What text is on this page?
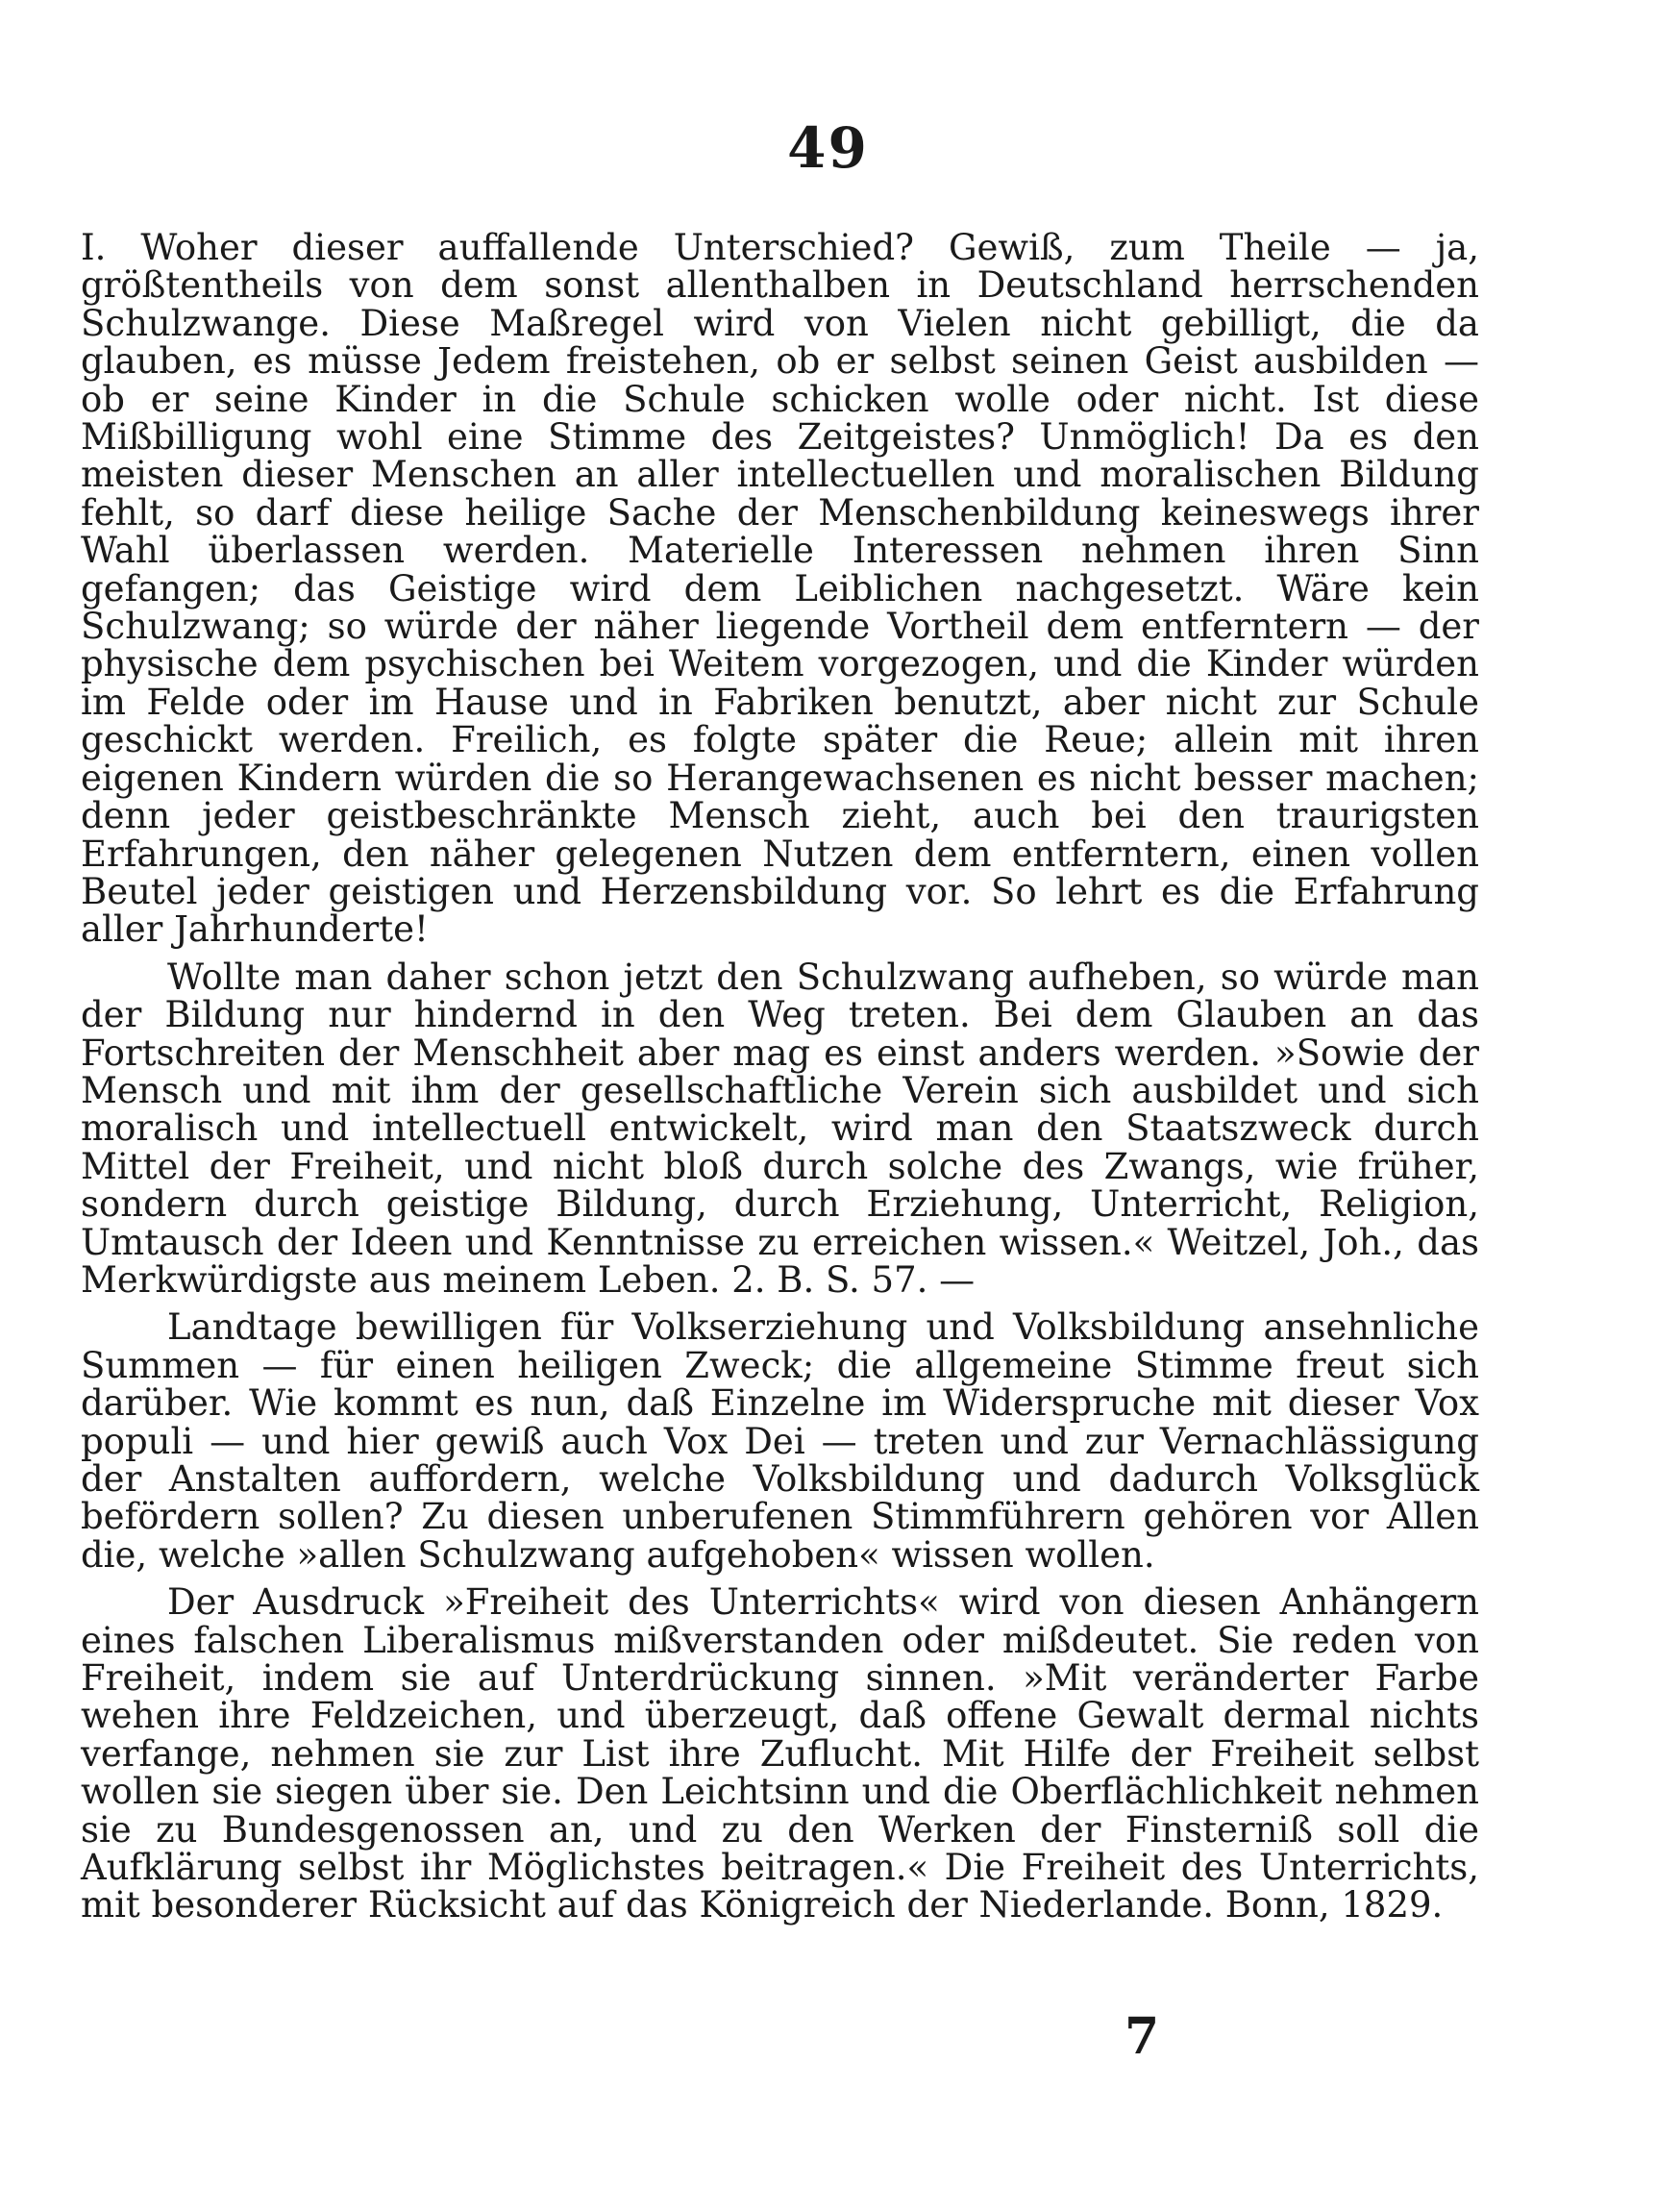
49

I. Woher dieser auffallende Unterschied? Gewiß, zum Theile — ja, größtentheils von dem sonst allenthalben in Deutschland herrschenden Schulzwange. Diese Maßregel wird von Vielen nicht gebilligt, die da glauben, es müsse Jedem freistehen, ob er selbst seinen Geist ausbilden — ob er seine Kinder in die Schule schicken wolle oder nicht. Ist diese Mißbilligung wohl eine Stimme des Zeitgeistes? Unmöglich! Da es den meisten dieser Menschen an aller intellectuellen und moralischen Bildung fehlt, so darf diese heilige Sache der Menschenbildung keineswegs ihrer Wahl überlassen werden. Materielle Interessen nehmen ihren Sinn gefangen; das Geistige wird dem Leiblichen nachgesetzt. Wäre kein Schulzwang; so würde der näher liegende Vortheil dem entferntern — der physische dem psychischen bei Weitem vorgezogen, und die Kinder würden im Felde oder im Hause und in Fabriken benutzt, aber nicht zur Schule geschickt werden. Freilich, es folgte später die Reue; allein mit ihren eigenen Kindern würden die so Herangewachsenen es nicht besser machen; denn jeder geistbeschränkte Mensch zieht, auch bei den traurigsten Erfahrungen, den näher gelegenen Nutzen dem entferntern, einen vollen Beutel jeder geistigen und Herzensbildung vor. So lehrt es die Erfahrung aller Jahrhunderte!

Wollte man daher schon jetzt den Schulzwang aufheben, so würde man der Bildung nur hindernd in den Weg treten. Bei dem Glauben an das Fortschreiten der Menschheit aber mag es einst anders werden. »Sowie der Mensch und mit ihm der gesellschaftliche Verein sich ausbildet und sich moralisch und intellectuell entwickelt, wird man den Staatszweck durch Mittel der Freiheit, und nicht bloß durch solche des Zwangs, wie früher, sondern durch geistige Bildung, durch Erziehung, Unterricht, Religion, Umtausch der Ideen und Kenntnisse zu erreichen wissen.« Weitzel, Joh., das Merkwürdigste aus meinem Leben. 2. B. S. 57. —

Landtage bewilligen für Volkserziehung und Volksbildung ansehnliche Summen — für einen heiligen Zweck; die allgemeine Stimme freut sich darüber. Wie kommt es nun, daß Einzelne im Widerspruche mit dieser Vox populi — und hier gewiß auch Vox Dei — treten und zur Vernachlässigung der Anstalten auffordern, welche Volksbildung und dadurch Volksglück befördern sollen? Zu diesen unberufenen Stimmführern gehören vor Allen die, welche »allen Schulzwang aufgehoben« wissen wollen.

Der Ausdruck »Freiheit des Unterrichts« wird von diesen Anhängern eines falschen Liberalismus mißverstanden oder mißdeutet. Sie reden von Freiheit, indem sie auf Unterdrückung sinnen. »Mit veränderter Farbe wehen ihre Feldzeichen, und überzeugt, daß offene Gewalt dermal nichts verfange, nehmen sie zur List ihre Zuflucht. Mit Hilfe der Freiheit selbst wollen sie siegen über sie. Den Leichtsinn und die Oberflächlichkeit nehmen sie zu Bundesgenossen an, und zu den Werken der Finsterniß soll die Aufklärung selbst ihr Möglichstes beitragen.« Die Freiheit des Unterrichts, mit besonderer Rücksicht auf das Königreich der Niederlande. Bonn, 1829.

7
